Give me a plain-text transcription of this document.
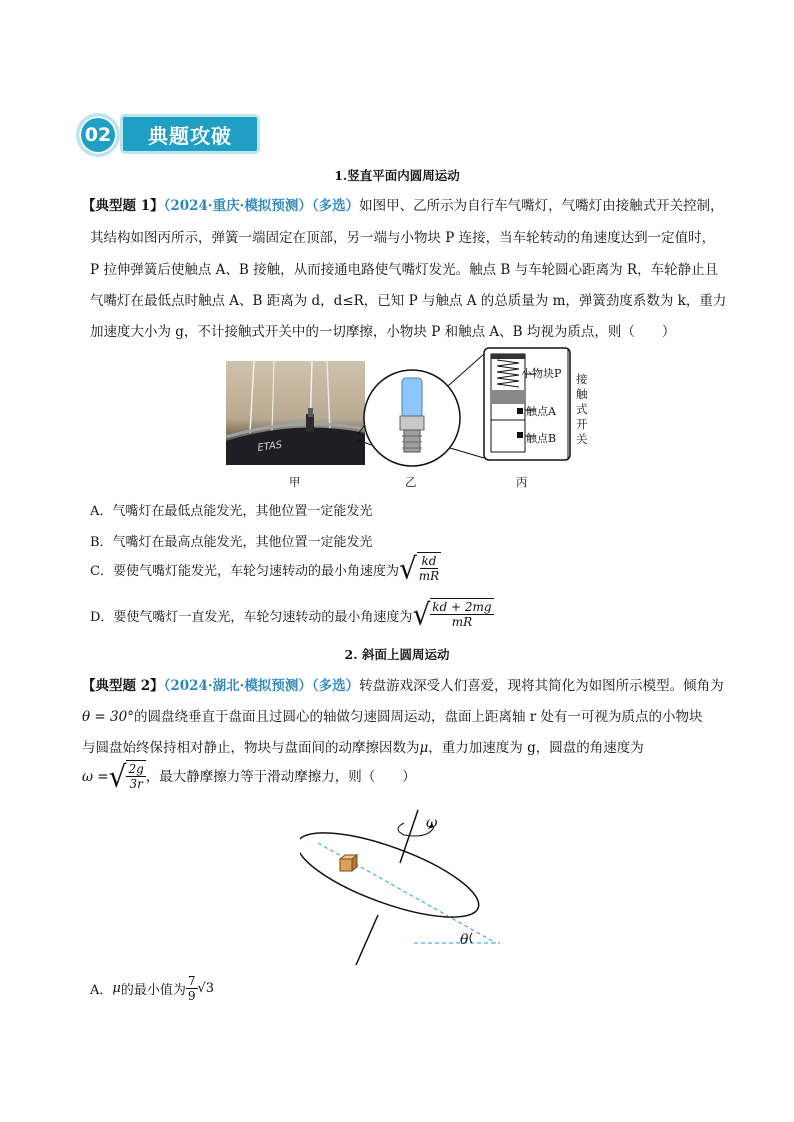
02	典题攻破
1.竖直平面内圆周运动
【典型题 1】（2024·重庆·模拟预测）（多选）如图甲、乙所示为自行车气嘴灯，气嘴灯由接触式开关控制，
其结构如图丙所示，弹簧一端固定在顶部，另一端与小物块 P 连接，当车轮转动的角速度达到一定值时，
P 拉伸弹簧后使触点 A、B 接触，从而接通电路使气嘴灯发光。触点 B 与车轮圆心距离为 R，车轮静止且
气嘴灯在最低点时触点 A、B 距离为 d，d≤R，已知 P 与触点 A 的总质量为 m，弹簧劲度系数为 k，重力
加速度大小为 g，不计接触式开关中的一切摩擦，小物块 P 和触点 A、B 均视为质点，则（　　）
ETAS
小物块P
触点A
触点B
接触式开关
甲	乙	丙
A．气嘴灯在最低点能发光，其他位置一定能发光
B．气嘴灯在最高点能发光，其他位置一定能发光
C．要使气嘴灯能发光，车轮匀速转动的最小角速度为 √ $\frac{kd}{mR}$
D．要使气嘴灯一直发光，车轮匀速转动的最小角速度为 √ $\frac{kd + 2mg}{mR}$
2. 斜面上圆周运动
【典型题 2】（2024·湖北·模拟预测）（多选）转盘游戏深受人们喜爱，现将其简化为如图所示模型。倾角为
θ = 30°的圆盘绕垂直于盘面且过圆心的轴做匀速圆周运动，盘面上距离轴 r 处有一可视为质点的小物块
与圆盘始终保持相对静止，物块与盘面间的动摩擦因数为μ，重力加速度为 g，圆盘的角速度为
ω = √ $\frac{2g}{3r}$ ，最大静摩擦力等于滑动摩擦力，则（　　）
ω
θ
A． μ 的最小值为 $\frac{7}{9} √3$
